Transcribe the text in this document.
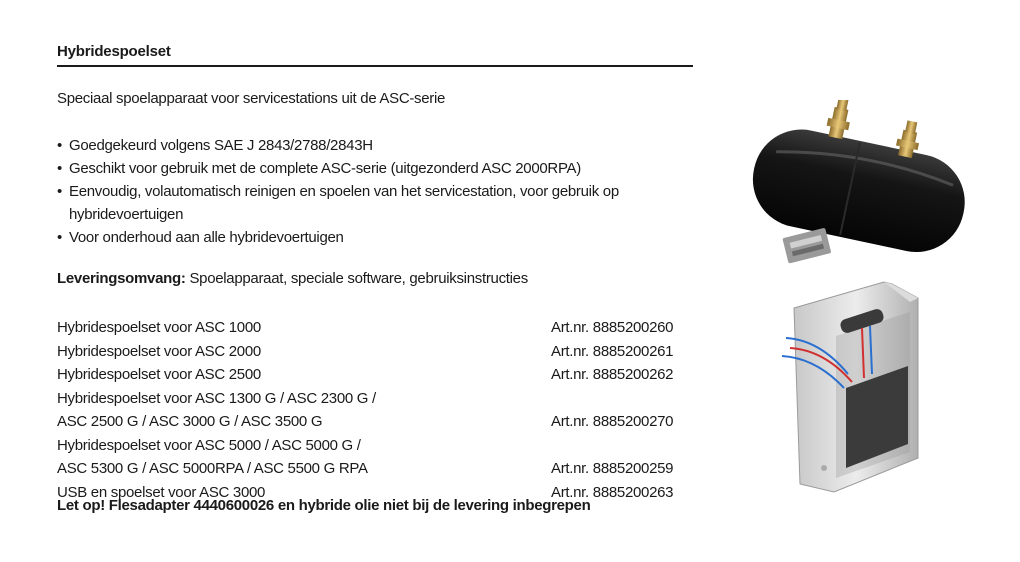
Hybridespoelset
Speciaal spoelapparaat voor servicestations uit de ASC-serie
• Goedgekeurd volgens SAE J 2843/2788/2843H
• Geschikt voor gebruik met de complete ASC-serie (uitgezonderd ASC 2000RPA)
• Eenvoudig, volautomatisch reinigen en spoelen van het servicestation, voor gebruik op hybridevoertuigen
• Voor onderhoud aan alle hybridevoertuigen
Leveringsomvang: Spoelapparaat, speciale software, gebruiksinstructies
Hybridespoelset voor ASC 1000	Art.nr. 8885200260
Hybridespoelset voor ASC 2000	Art.nr. 8885200261
Hybridespoelset voor ASC 2500	Art.nr. 8885200262
Hybridespoelset voor ASC 1300 G / ASC 2300 G /
ASC 2500 G / ASC 3000 G / ASC 3500 G	Art.nr. 8885200270
Hybridespoelset voor ASC 5000 / ASC 5000 G /
ASC 5300 G / ASC 5000RPA / ASC 5500 G RPA	Art.nr. 8885200259
USB en spoelset voor ASC 3000	Art.nr. 8885200263
Let op! Flesadapter 4440600026 en hybride olie niet bij de levering inbegrepen
